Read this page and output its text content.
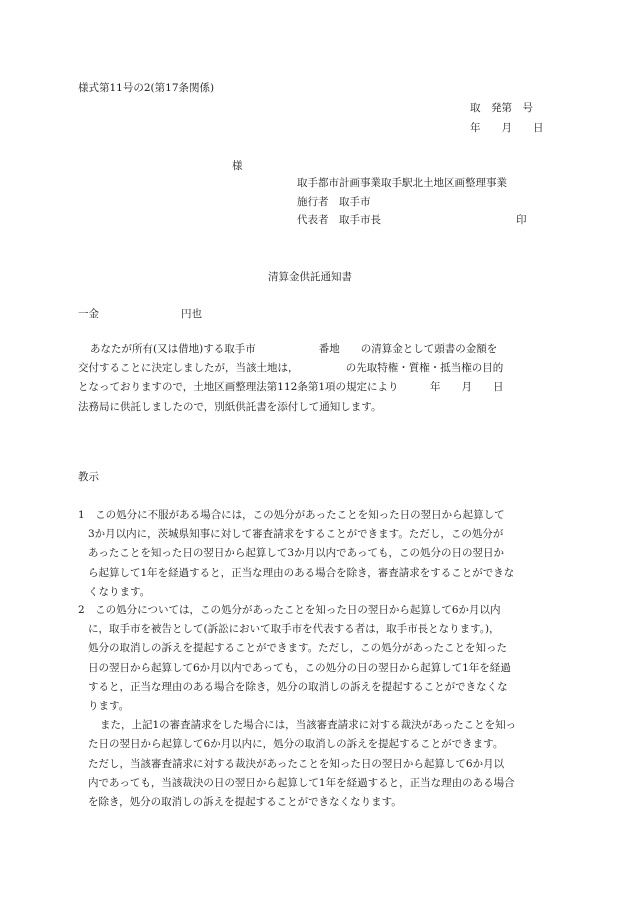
様式第11号の2(第17条関係)
取　発第　号
年　　月　　日
様
取手都市計画事業取手駅北土地区画整理事業
施行者　取手市
代表者　取手市長	印
清算金供託通知書
一金	円也
あなたが所有(又は借地)する取手市　　　　　　番地　　の清算金として頭書の金額を
交付することに決定しましたが，当該土地は，　　　　　の先取特権・質権・抵当権の目的
となっておりますので，土地区画整理法第112条第1項の規定により　　　年　　月　　日
法務局に供託しましたので，別紙供託書を添付して通知します。
教示
1　 この処分に不服がある場合には，この処分があったことを知った日の翌日から起算して
3か月以内に，茨城県知事に対して審査請求をすることができます。ただし，この処分が
あったことを知った日の翌日から起算して3か月以内であっても，この処分の日の翌日か
ら起算して1年を経過すると，正当な理由のある場合を除き，審査請求をすることができな
くなります。
2　 この処分については，この処分があったことを知った日の翌日から起算して6か月以内
に，取手市を被告として(訴訟において取手市を代表する者は，取手市長となります。)，
処分の取消しの訴えを提起することができます。ただし，この処分があったことを知った
日の翌日から起算して6か月以内であっても，この処分の日の翌日から起算して1年を経過
すると，正当な理由のある場合を除き，処分の取消しの訴えを提起することができなくな
ります。
また，上記1の審査請求をした場合には，当該審査請求に対する裁決があったことを知っ
た日の翌日から起算して6か月以内に，処分の取消しの訴えを提起することができます。
ただし，当該審査請求に対する裁決があったことを知った日の翌日から起算して6か月以
内であっても，当該裁決の日の翌日から起算して1年を経過すると，正当な理由のある場合
を除き，処分の取消しの訴えを提起することができなくなります。
